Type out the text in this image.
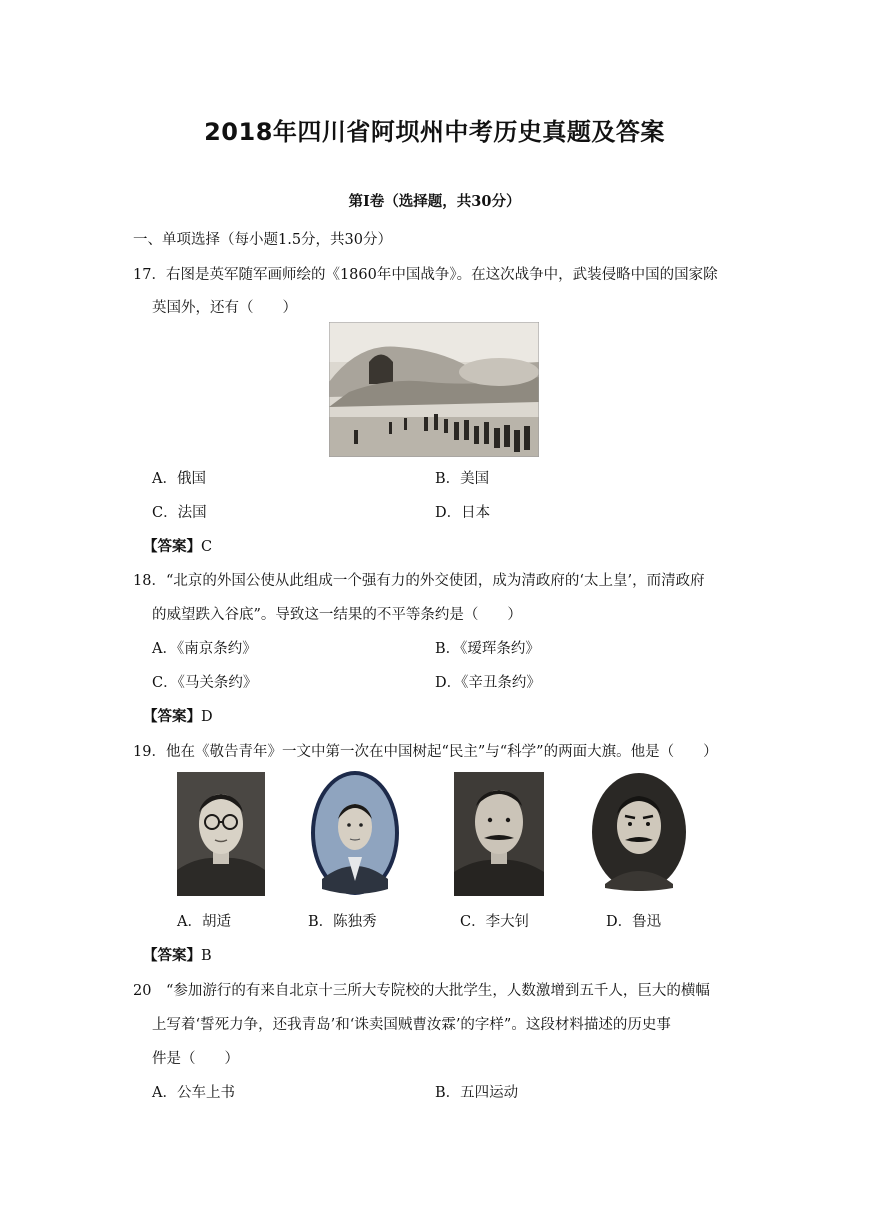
2018年四川省阿坝州中考历史真题及答案
第Ⅰ卷（选择题，共30分）
一、单项选择（每小题1.5分，共30分）
17．右图是英军随军画师绘的《1860年中国战争》。在这次战争中，武装侵略中国的国家除
英国外，还有（　　）
A．俄国	B．美国
C．法国	D．日本
【答案】C
18．“北京的外国公使从此组成一个强有力的外交使团，成为清政府的‘太上皇’，而清政府
的威望跌入谷底”。导致这一结果的不平等条约是（　　）
A．《南京条约》	B．《瑷珲条约》
C．《马关条约》	D．《辛丑条约》
【答案】D
19．他在《敬告青年》一文中第一次在中国树起“民主”与“科学”的两面大旗。他是（　　）
A．胡适	B．陈独秀	C．李大钊	D．鲁迅
【答案】B
20　“参加游行的有来自北京十三所大专院校的大批学生，人数激增到五千人，巨大的横幅
上写着‘誓死力争，还我青岛’和‘诛卖国贼曹汝霖’的字样”。这段材料描述的历史事
件是（　　）
A．公车上书	B．五四运动
